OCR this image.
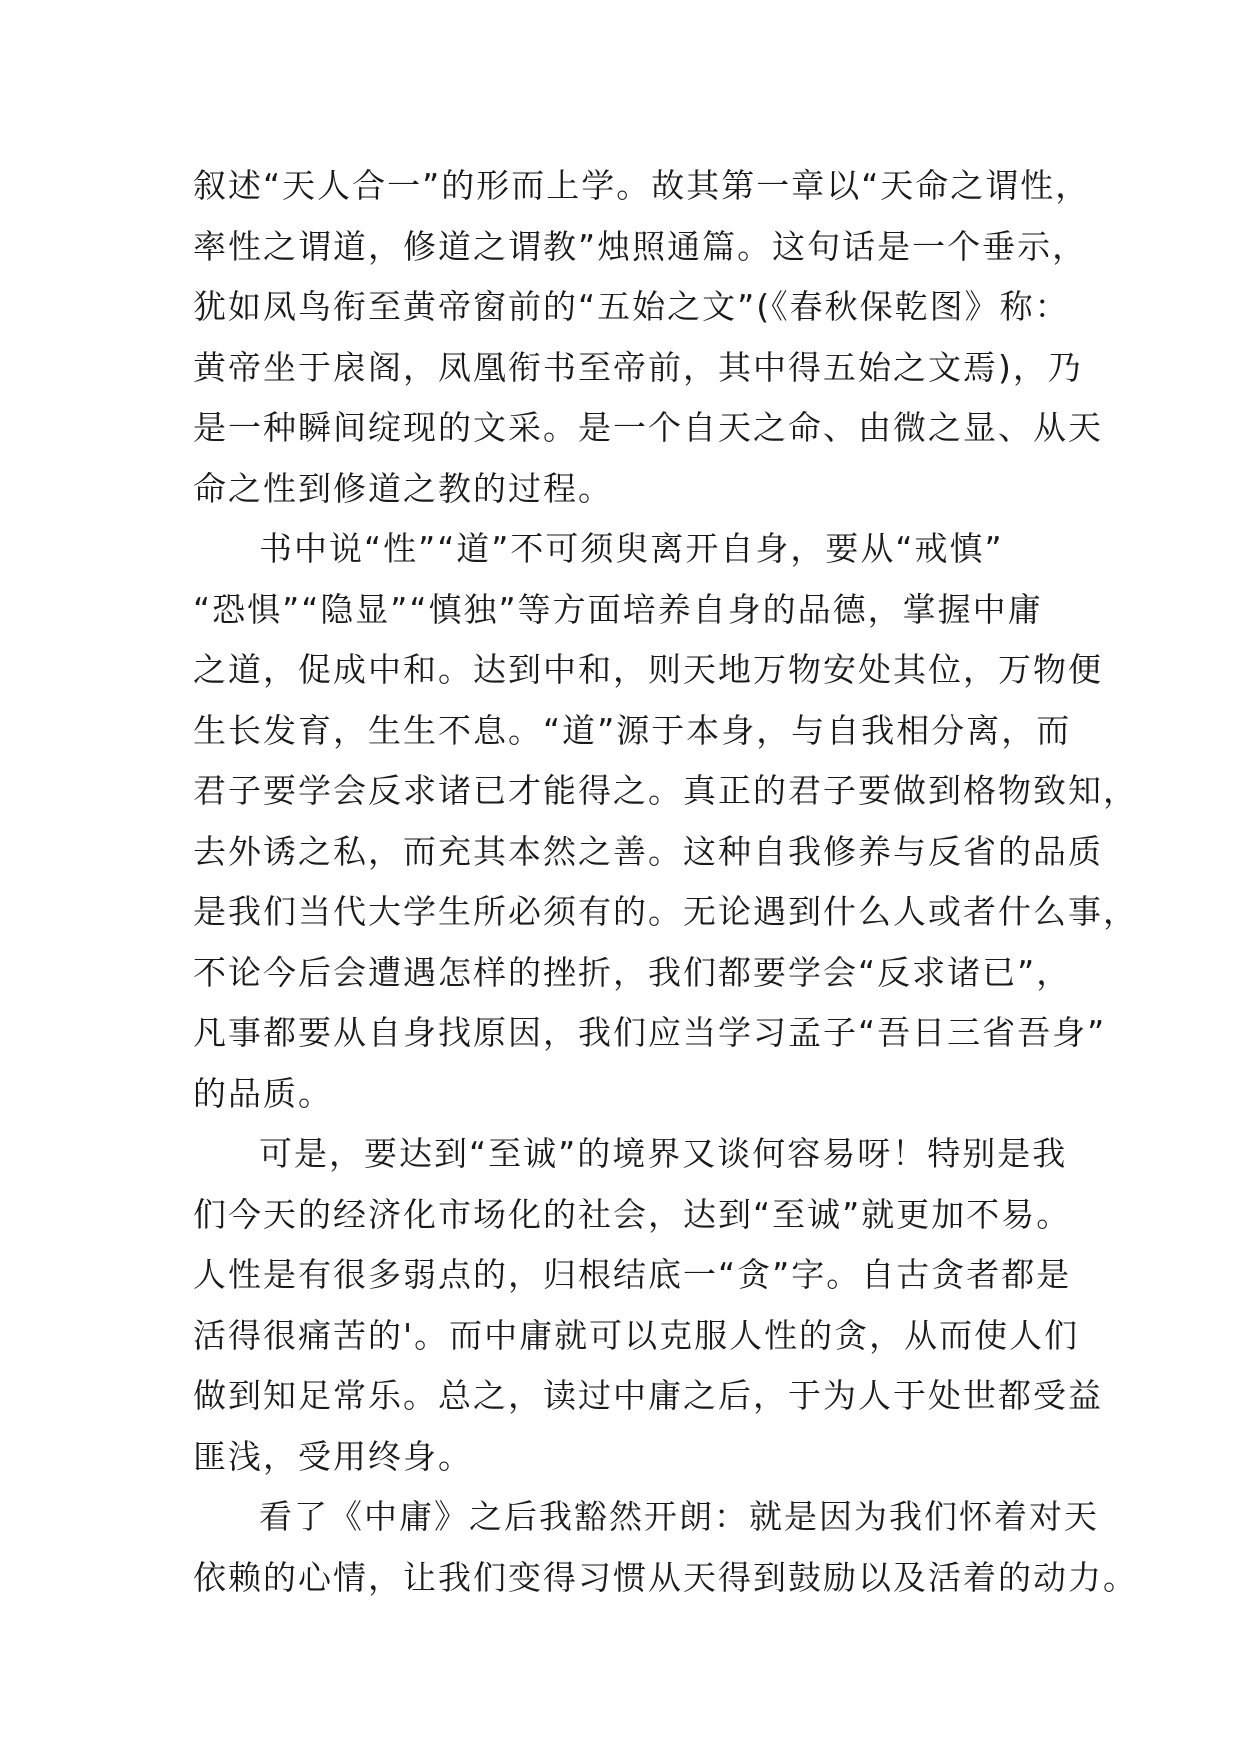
叙述“天人合一”的形而上学。故其第一章以“天命之谓性，
率性之谓道，修道之谓教”烛照通篇。这句话是一个垂示，
犹如凤鸟衔至黄帝窗前的“五始之文”(《春秋保乾图》称：
黄帝坐于扆阁，凤凰衔书至帝前，其中得五始之文焉)，乃
是一种瞬间绽现的文采。是一个自天之命、由微之显、从天
命之性到修道之教的过程。
书中说“性”“道”不可须臾离开自身，要从“戒慎”
“恐惧”“隐显”“慎独”等方面培养自身的品德，掌握中庸
之道，促成中和。达到中和，则天地万物安处其位，万物便
生长发育，生生不息。“道”源于本身，与自我相分离，而
君子要学会反求诸已才能得之。真正的君子要做到格物致知，
去外诱之私，而充其本然之善。这种自我修养与反省的品质
是我们当代大学生所必须有的。无论遇到什么人或者什么事，
不论今后会遭遇怎样的挫折，我们都要学会“反求诸已”，
凡事都要从自身找原因，我们应当学习孟子“吾日三省吾身”
的品质。
可是，要达到“至诚”的境界又谈何容易呀！特别是我
们今天的经济化市场化的社会，达到“至诚”就更加不易。
人性是有很多弱点的，归根结底一“贪”字。自古贪者都是
活得很痛苦的'。而中庸就可以克服人性的贪，从而使人们
做到知足常乐。总之，读过中庸之后，于为人于处世都受益
匪浅，受用终身。
看了《中庸》之后我豁然开朗：就是因为我们怀着对天
依赖的心情，让我们变得习惯从天得到鼓励以及活着的动力。
